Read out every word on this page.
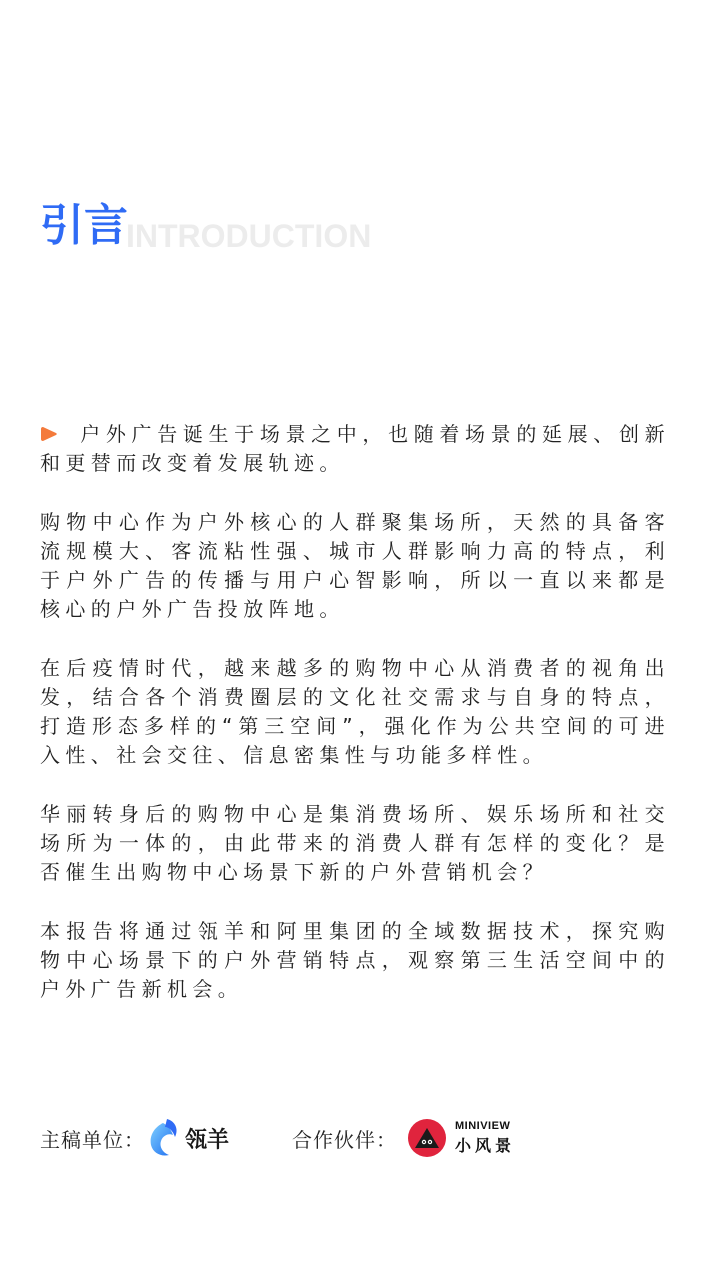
INTRODUCTION
引言

户外广告诞生于场景之中，也随着场景的延展、创新和更替而改变着发展轨迹。

购物中心作为户外核心的人群聚集场所，天然的具备客流规模大、客流粘性强、城市人群影响力高的特点，利于户外广告的传播与用户心智影响，所以一直以来都是核心的户外广告投放阵地。

在后疫情时代，越来越多的购物中心从消费者的视角出发，结合各个消费圈层的文化社交需求与自身的特点，打造形态多样的“第三空间”，强化作为公共空间的可进入性、社会交往、信息密集性与功能多样性。

华丽转身后的购物中心是集消费场所、娱乐场所和社交场所为一体的，由此带来的消费人群有怎样的变化？是否催生出购物中心场景下新的户外营销机会？

本报告将通过瓴羊和阿里集团的全域数据技术，探究购物中心场景下的户外营销特点，观察第三生活空间中的户外广告新机会。

主稿单位： 瓴羊	合作伙伴：
MINIVIEW
小风景
